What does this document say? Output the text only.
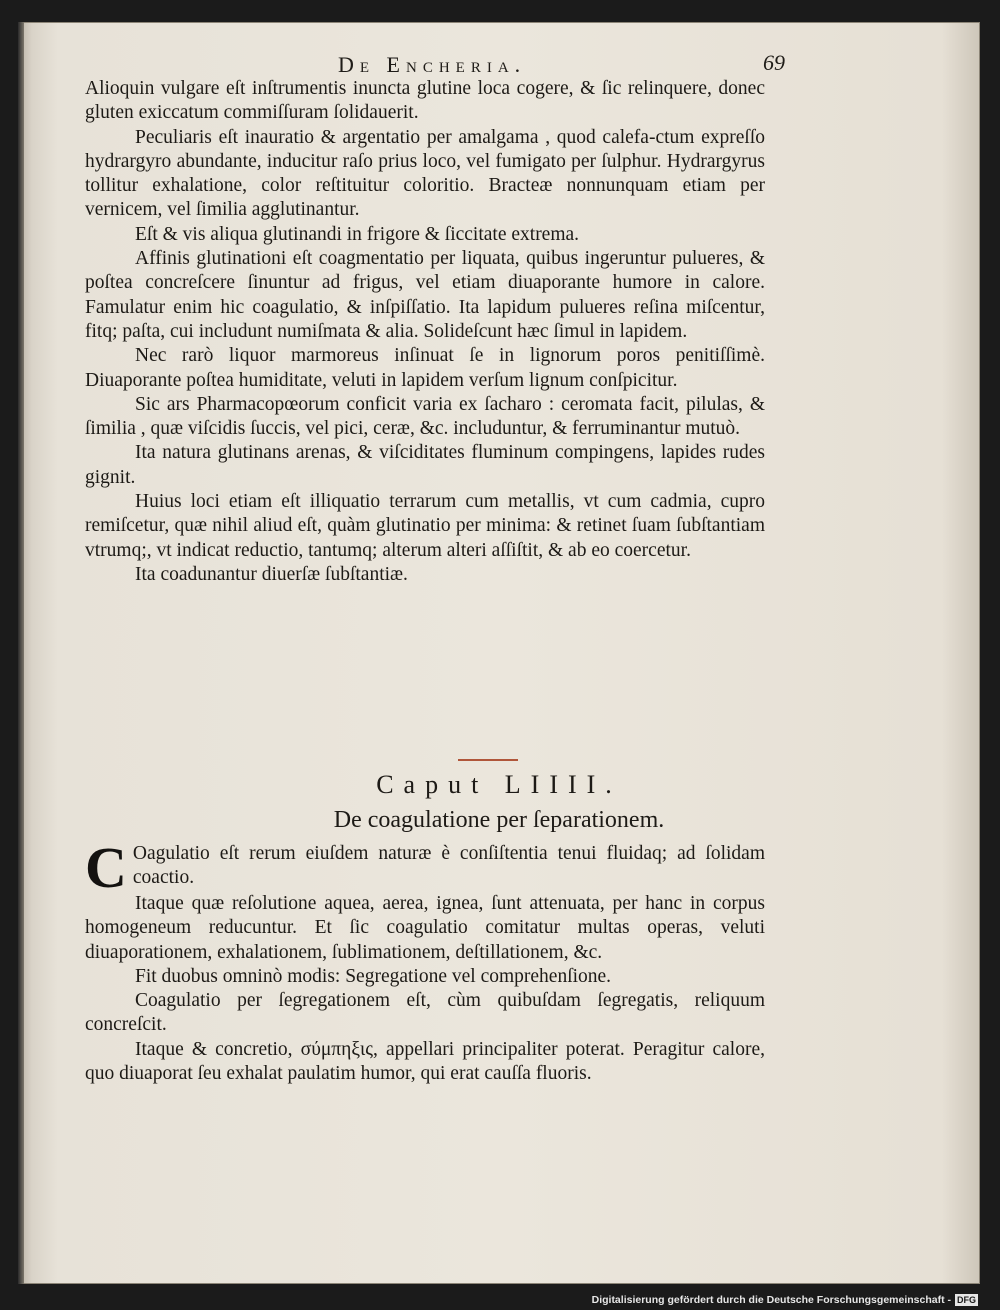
De Encheria.	69

Alioquin vulgare eſt inſtrumentis inuncta glutine loca cogere, & ſic relinquere, donec gluten exiccatum commiſſuram ſolidauerit.

Peculiaris eſt inauratio & argentatio per amalgama , quod calefa-ctum expreſſo hydrargyro abundante, inducitur raſo prius loco, vel fumigato per ſulphur. Hydrargyrus tollitur exhalatione, color reſtituitur coloritio. Bracteæ nonnunquam etiam per vernicem, vel ſimilia agglutinantur.

Eſt & vis aliqua glutinandi in frigore & ſiccitate extrema.

Affinis glutinationi eſt coagmentatio per liquata, quibus ingeruntur pulueres, & poſtea concreſcere ſinuntur ad frigus, vel etiam diuaporante humore in calore. Famulatur enim hic coagulatio, & inſpiſſatio. Ita lapidum pulueres reſina miſcentur, fitq; paſta, cui includunt numiſmata & alia. Solideſcunt hæc ſimul in lapidem.

Nec rarò liquor marmoreus inſinuat ſe in lignorum poros penitiſſimè. Diuaporante poſtea humiditate, veluti in lapidem verſum lignum conſpicitur.

Sic ars Pharmacopœorum conficit varia ex ſacharo : ceromata facit, pilulas, & ſimilia , quæ viſcidis ſuccis, vel pici, ceræ, &c. includuntur, & ferruminantur mutuò.

Ita natura glutinans arenas, & viſciditates fluminum compingens, lapides rudes gignit.

Huius loci etiam eſt illiquatio terrarum cum metallis, vt cum cadmia, cupro remiſcetur, quæ nihil aliud eſt, quàm glutinatio per minima: & retinet ſuam ſubſtantiam vtrumq;, vt indicat reductio, tantumq; alterum alteri aſſiſtit, & ab eo coercetur.

Ita coadunantur diuerſæ ſubſtantiæ.

Caput LIIII.
De coagulatione per ſeparationem.

C Oagulatio eſt rerum eiuſdem naturæ è conſiſtentia tenui fluidaq; ad ſolidam coactio.

Itaque quæ reſolutione aquea, aerea, ignea, ſunt attenuata, per hanc in corpus homogeneum reducuntur. Et ſic coagulatio comitatur multas operas, veluti diuaporationem, exhalationem, ſublimationem, deſtillationem, &c.

Fit duobus omninò modis: Segregatione vel comprehenſione.

Coagulatio per ſegregationem eſt, cùm quibuſdam ſegregatis, reliquum concreſcit.

Itaque & concretio, σύμπηξις, appellari principaliter poterat. Peragitur calore, quo diuaporat ſeu exhalat paulatim humor, qui erat cauſſa fluoris.

Digitalisierung gefördert durch die Deutsche Forschungsgemeinschaft - DFG
